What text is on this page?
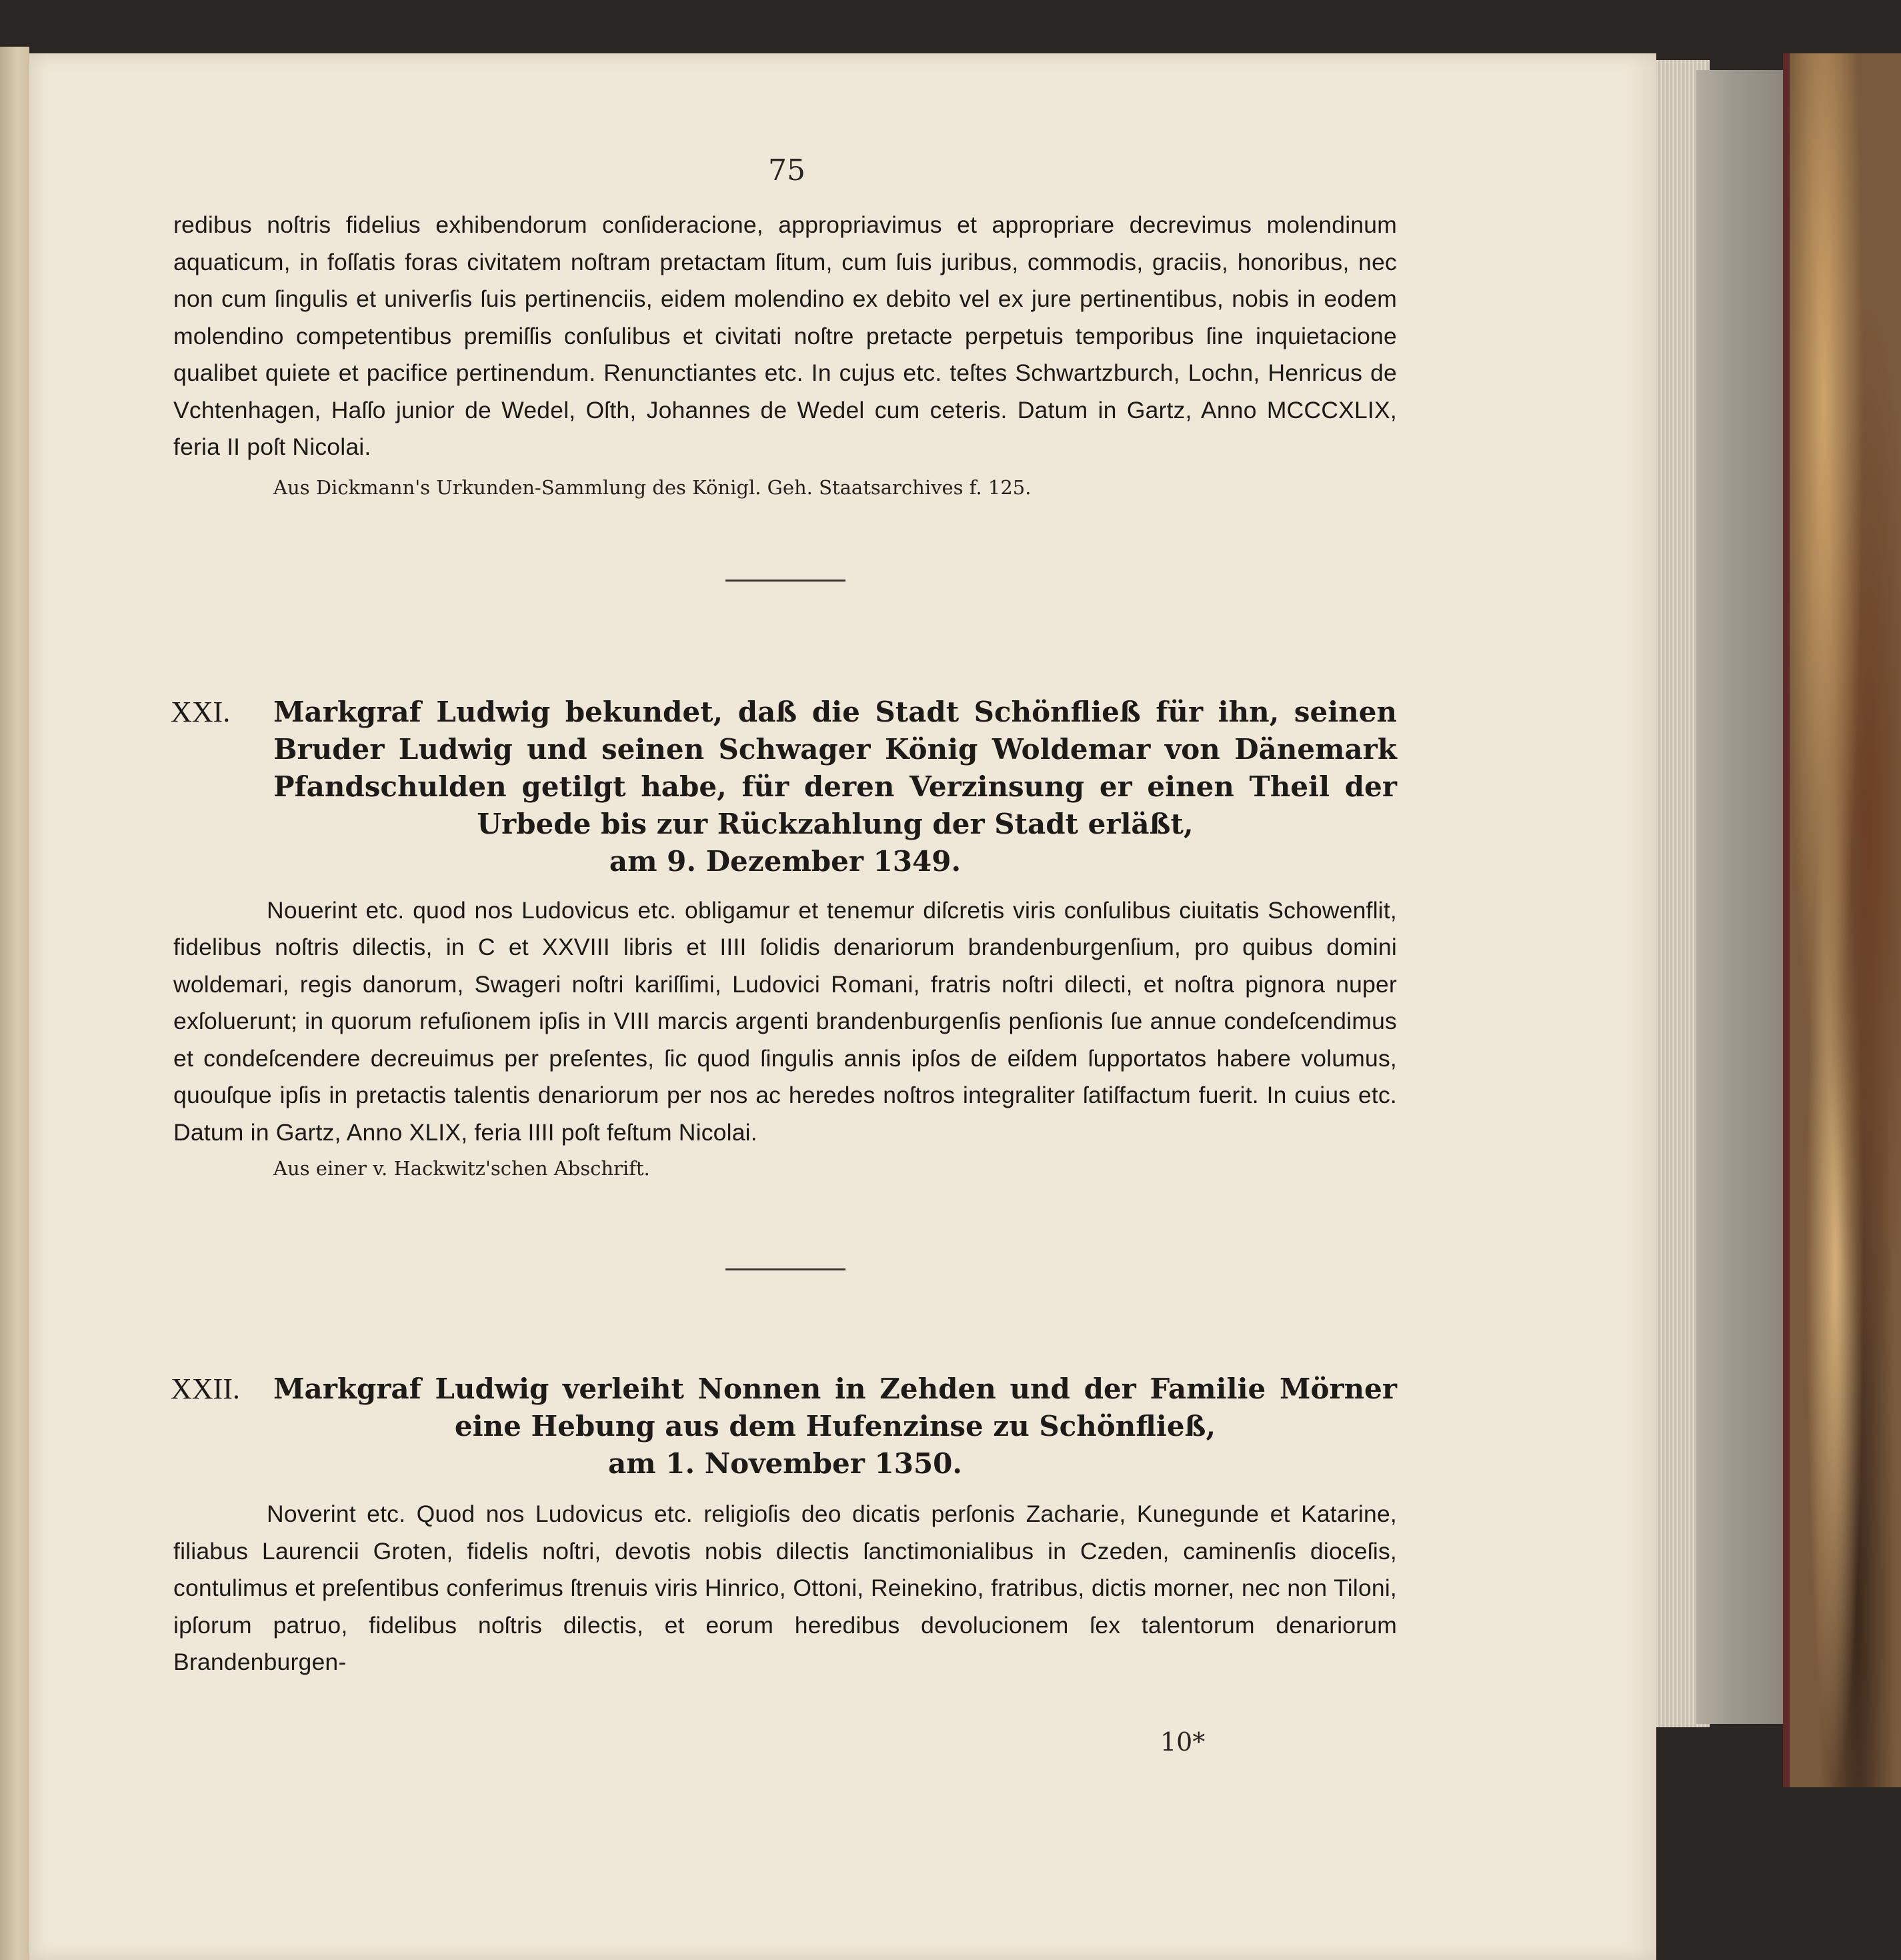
75

redibus noſtris fidelius exhibendorum conſideracione, appropriavimus et appropriare decrevimus molendinum aquaticum, in foſſatis foras civitatem noſtram pretactam ſitum, cum ſuis juribus, commodis, graciis, honoribus, nec non cum ſingulis et univerſis ſuis pertinenciis, eidem molendino ex debito vel ex jure pertinentibus, nobis in eodem molendino competentibus premiſſis conſulibus et civitati noſtre pretacte perpetuis temporibus ſine inquietacione qualibet quiete et pacifice pertinendum. Renunctiantes etc. In cujus etc. teſtes Schwartzburch, Lochn, Henricus de Vchtenhagen, Haſſo junior de Wedel, Oſth, Johannes de Wedel cum ceteris. Datum in Gartz, Anno MCCCXLIX, feria II poſt Nicolai.

Aus Dickmann's Urkunden-Sammlung des Königl. Geh. Staatsarchives f. 125.
XXI. Markgraf Ludwig bekundet, daß die Stadt Schönfließ für ihn, seinen Bruder Ludwig und seinen Schwager König Woldemar von Dänemark Pfandschulden getilgt habe, für deren Verzinsung er einen Theil der Urbede bis zur Rückzahlung der Stadt erläßt,
am 9. Dezember 1349.

Nouerint etc. quod nos Ludovicus etc. obligamur et tenemur diſcretis viris conſulibus ciuitatis Schowenflit, fidelibus noſtris dilectis, in C et XXVIII libris et IIII ſolidis denariorum brandenburgenſium, pro quibus domini woldemari, regis danorum, Swageri noſtri kariſſimi, Ludovici Romani, fratris noſtri dilecti, et noſtra pignora nuper exſoluerunt; in quorum refuſionem ipſis in VIII marcis argenti brandenburgenſis penſionis ſue annue condeſcendimus et condeſcendere decreuimus per preſentes, ſic quod ſingulis annis ipſos de eiſdem ſupportatos habere volumus, quouſque ipſis in pretactis talentis denariorum per nos ac heredes noſtros integraliter ſatiſfactum fuerit. In cuius etc. Datum in Gartz, Anno XLIX, feria IIII poſt feſtum Nicolai.

Aus einer v. Hackwitz'schen Abschrift.
XXII. Markgraf Ludwig verleiht Nonnen in Zehden und der Familie Mörner eine Hebung aus dem Hufenzinse zu Schönfließ,
am 1. November 1350.

Noverint etc. Quod nos Ludovicus etc. religioſis deo dicatis perſonis Zacharie, Kunegunde et Katarine, filiabus Laurencii Groten, fidelis noſtri, devotis nobis dilectis ſanctimonialibus in Czeden, caminenſis dioceſis, contulimus et preſentibus conferimus ſtrenuis viris Hinrico, Ottoni, Reinekino, fratribus, dictis morner, nec non Tiloni, ipſorum patruo, fidelibus noſtris dilectis, et eorum heredibus devolucionem ſex talentorum denariorum Brandenburgen-

10*
